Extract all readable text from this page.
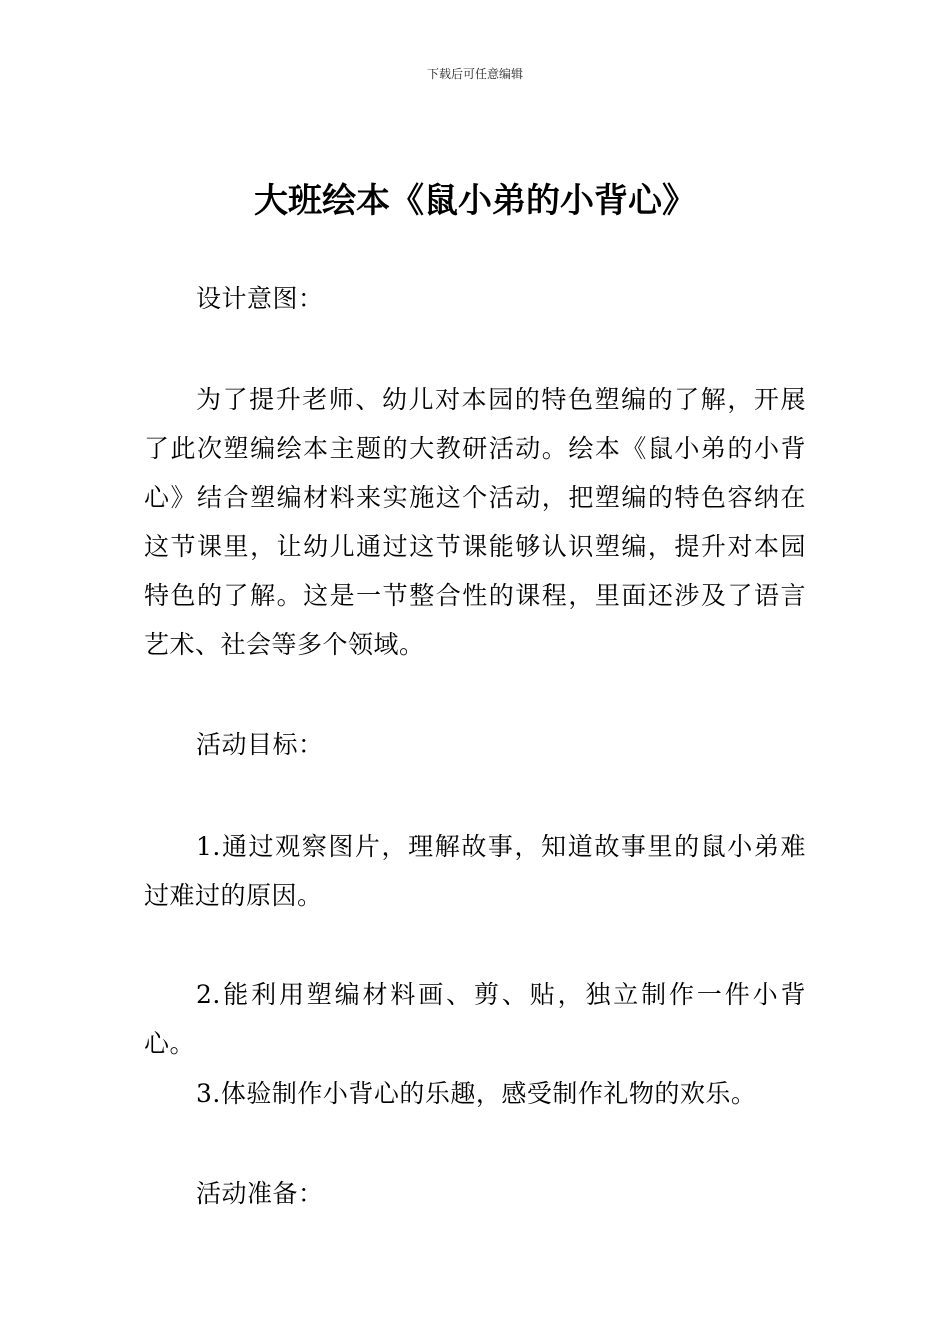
下载后可任意编辑
大班绘本《鼠小弟的小背心》

设计意图：

为了提升老师、幼儿对本园的特色塑编的了解，开展了此次塑编绘本主题的大教研活动。绘本《鼠小弟的小背心》结合塑编材料来实施这个活动，把塑编的特色容纳在这节课里，让幼儿通过这节课能够认识塑编，提升对本园特色的了解。这是一节整合性的课程，里面还涉及了语言艺术、社会等多个领域。

活动目标：

1.通过观察图片，理解故事，知道故事里的鼠小弟难过难过的原因。

2.能利用塑编材料画、剪、贴，独立制作一件小背心。

3.体验制作小背心的乐趣，感受制作礼物的欢乐。

活动准备：
